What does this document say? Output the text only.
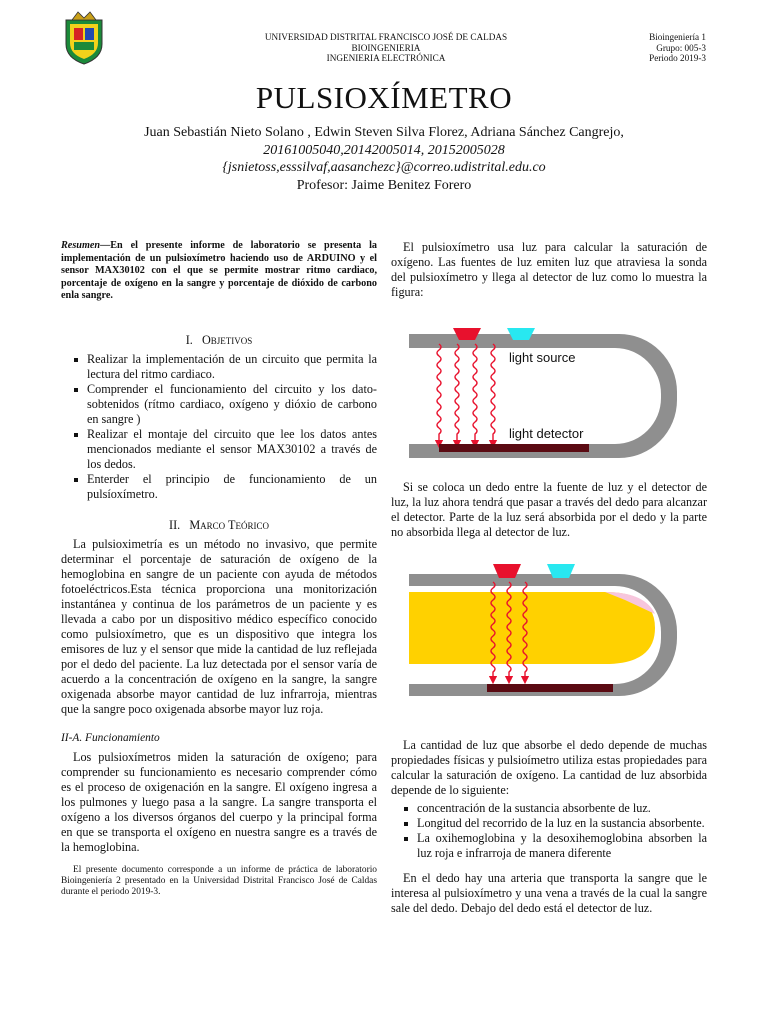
UNIVERSIDAD DISTRITAL FRANCISCO JOSÉ DE CALDAS
BIOINGENIERIA
INGENIERIA ELECTRÓNICA
Bioingeniería 1
Grupo: 005-3
Periodo 2019-3
PULSIOXÍMETRO
Juan Sebastián Nieto Solano , Edwin Steven Silva Florez, Adriana Sánchez Cangrejo,
20161005040,20142005014, 20152005028
{jsnietoss,esssilvaf,aasanchezc}@correo.udistrital.edu.co
Profesor: Jaime Benitez Forero

Resumen—En el presente informe de laboratorio se presenta la implementación de un pulsioxímetro haciendo uso de ARDUINO y el sensor MAX30102 con el que se permite mostrar ritmo cardiaco, porcentaje de oxígeno en la sangre y porcentaje de dióxido de carbono enla sangre.

I. Objetivos
Realizar la implementación de un circuito que permita la lectura del ritmo cardiaco.
Comprender el funcionamiento del circuito y los dato-sobtenidos (rítmo cardiaco, oxígeno y dióxio de carbono en sangre )
Realizar el montaje del circuito que lee los datos antes mencionados mediante el sensor MAX30102 a través de los dedos.
Enterder el principio de funcionamiento de un pulsíoxímetro.
II. Marco Teórico

La pulsioximetría es un método no invasivo, que permite determinar el porcentaje de saturación de oxígeno de la hemoglobina en sangre de un paciente con ayuda de métodos fotoeléctricos.Esta técnica proporciona una monitorización instantánea y continua de los parámetros de un paciente y es llevada a cabo por un dispositivo médico específico conocido como pulsioxímetro, que es un dispositivo que integra los emisores de luz y el sensor que mide la cantidad de luz reflejada por el dedo del paciente. La luz detectada por el sensor varía de acuerdo a la concentración de oxígeno en la sangre, la sangre oxigenada absorbe mayor cantidad de luz infrarroja, mientras que la sangre poco oxigenada absorbe mayor luz roja.

II-A. Funcionamiento

Los pulsioxímetros miden la saturación de oxígeno; para comprender su funcionamiento es necesario comprender cómo es el proceso de oxigenación en la sangre. El oxígeno ingresa a los pulmones y luego pasa a la sangre. La sangre transporta el oxígeno a los diversos órganos del cuerpo y la principal forma en que se transporta el oxígeno en nuestra sangre es a través de la hemoglobina.

El presente documento corresponde a un informe de práctica de laboratorio Bioingeniería 2 presentado en la Universidad Distrital Francisco José de Caldas durante el periodo 2019-3.

El pulsioxímetro usa luz para calcular la saturación de oxígeno. Las fuentes de luz emiten luz que atraviesa la sonda del pulsioxímetro y llega al detector de luz como lo muestra la figura:

light source
light detector

Si se coloca un dedo entre la fuente de luz y el detector de luz, la luz ahora tendrá que pasar a través del dedo para alcanzar el detector. Parte de la luz será absorbida por el dedo y la parte no absorbida llega al detector de luz.

La cantidad de luz que absorbe el dedo depende de muchas propiedades físicas y pulsioímetro utiliza estas propiedades para calcular la saturación de oxígeno. La cantidad de luz absorbida depende de lo siguiente:

concentración de la sustancia absorbente de luz.
Longitud del recorrido de la luz en la sustancia absorbente.
La oxihemoglobina y la desoxihemoglobina absorben la luz roja e infrarroja de manera diferente

En el dedo hay una arteria que transporta la sangre que le interesa al pulsioxímetro y una vena a través de la cual la sangre sale del dedo. Debajo del dedo está el detector de luz.
